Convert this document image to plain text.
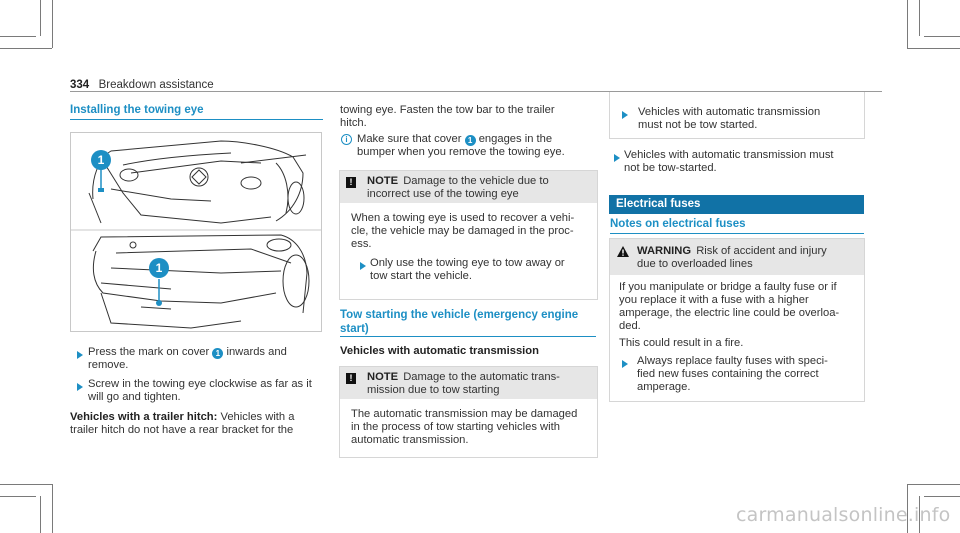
334 Breakdown assistance
Installing the towing eye
1
1
Press the mark on cover 1 inwards and
remove.
Screw in the towing eye clockwise as far as it
will go and tighten.
Vehicles with a trailer hitch: Vehicles with a
trailer hitch do not have a rear bracket for the
towing eye. Fasten the tow bar to the trailer
hitch.
i Make sure that cover 1 engages in the
bumper when you remove the towing eye.
!	NOTE Damage to the vehicle due to
incorrect use of the towing eye
When a towing eye is used to recover a vehi-
cle, the vehicle may be damaged in the proc-
ess.
Only use the towing eye to tow away or
tow start the vehicle.
Tow starting the vehicle (emergency engine
start)
Vehicles with automatic transmission
!	NOTE Damage to the automatic trans-
mission due to tow starting
The automatic transmission may be damaged
in the process of tow starting vehicles with
automatic transmission.
Vehicles with automatic transmission
must not be tow started.
Vehicles with automatic transmission must
not be tow-started.
Electrical fuses
Notes on electrical fuses
WARNING Risk of accident and injury
due to overloaded lines
If you manipulate or bridge a faulty fuse or if
you replace it with a fuse with a higher
amperage, the electric line could be overloa-
ded.
This could result in a fire.
Always replace faulty fuses with speci-
fied new fuses containing the correct
amperage.
carmanualsonline.info
